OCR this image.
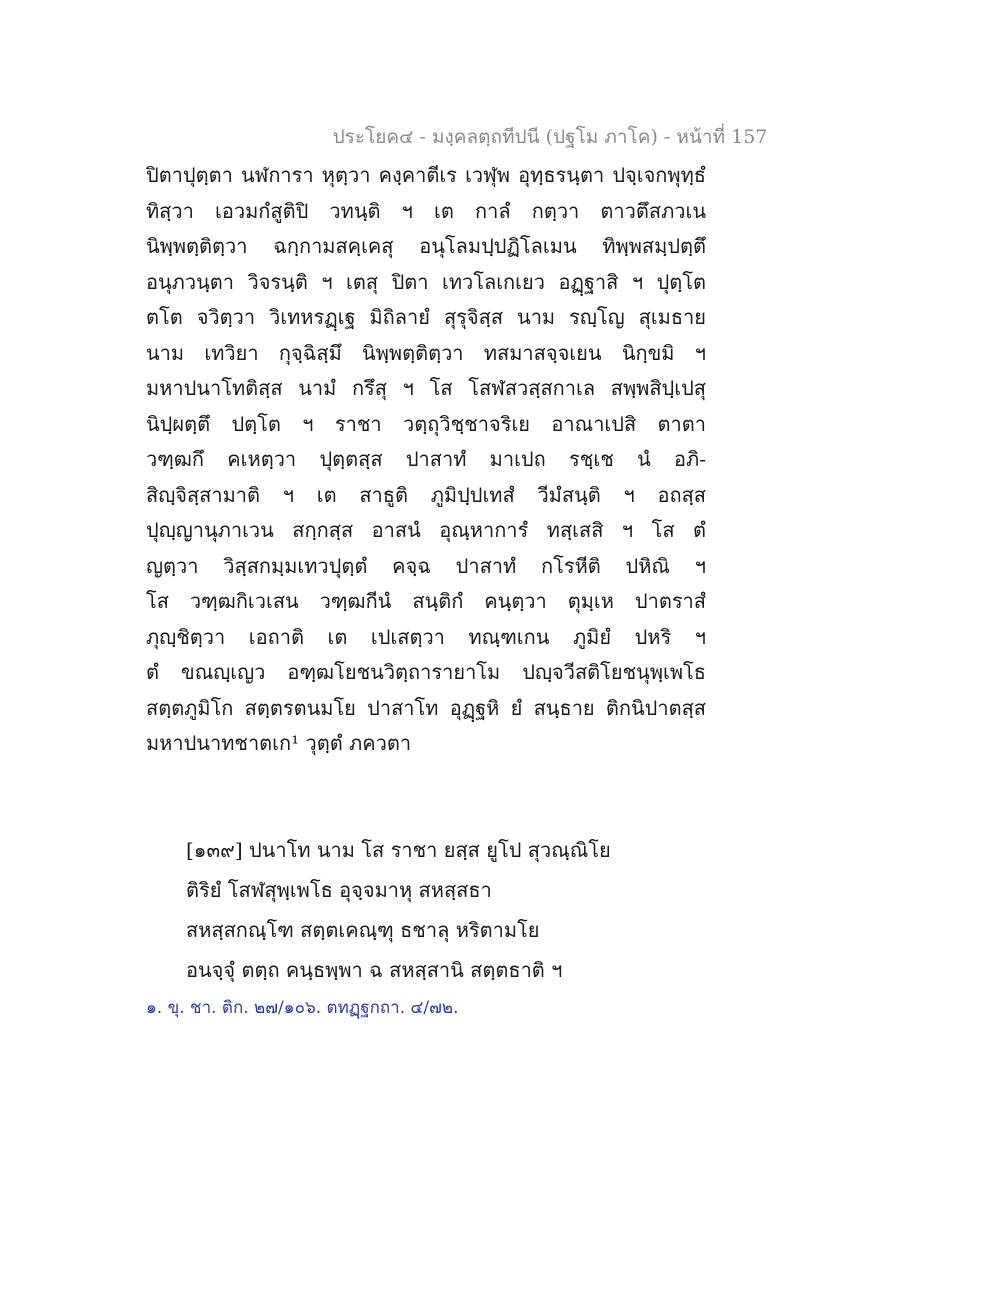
ประโยค๔ - มงฺคลตฺถทีปนี (ปฐโม ภาโค) - หน้าที่ 157
ปิตาปุตฺตา นฬการา หุตฺวา คงฺคาตีเร เวฬุพ อุทฺธรนฺตา ปจฺเจกพุทฺธํ
ทิสฺวา เอวมกํสูติปิ วทนฺติ ฯ เต กาลํ กตฺวา ตาวตึสภวเน
นิพฺพตฺติตฺวา ฉกฺกามสคฺเคสุ อนุโลมปฺปฏิโลเมน ทิพฺพสมฺปตฺตึ
อนุภวนฺตา วิจรนฺติ ฯ เตสุ ปิตา เทวโลเกเยว อฏฺฐาสิ ฯ ปุตฺโต
ตโต จวิตฺวา วิเทหรฏฺเฐ มิถิลายํ สุรุจิสฺส นาม รญฺโญ สุเมธาย
นาม เทวิยา กุจฺฉิสฺมึ นิพฺพตฺติตฺวา ทสมาสจฺจเยน นิกฺขมิ ฯ
มหาปนาโทติสฺส นามํ กรึสุ ฯ โส โสฬสวสฺสกาเล สพฺพสิปฺเปสุ
นิปฺผตฺตึ ปตฺโต ฯ ราชา วตฺถุวิชฺชาจริเย อาณาเปสิ ตาตา
วฑฺฒกึ คเหตฺวา ปุตฺตสฺส ปาสาทํ มาเปถ รชฺเช นํ อภิ-
สิญฺจิสฺสามาติ ฯ เต สาธูติ ภูมิปฺปเทสํ วีมํสนฺติ ฯ อถสฺส
ปุญฺญานุภาเวน สกฺกสฺส อาสนํ อุณฺหาการํ ทสฺเสสิ ฯ โส ตํ
ญตฺวา วิสฺสกมฺมเทวปุตฺตํ คจฺฉ ปาสาทํ กโรหีติ ปหิณิ ฯ
โส วฑฺฒกิเวเสน วฑฺฒกีนํ สนฺติกํ คนฺตฺวา ตุมฺเห ปาตราสํ
ภุญฺชิตฺวา เอถาติ เต เปเสตฺวา ทณฺฑเกน ภูมิยํ ปหริ ฯ
ตํ ขณญฺเญว อฑฺฒโยชนวิตฺถารายาโม ปญฺจวีสติโยชนุพฺเพโธ
สตฺตภูมิโก สตฺตรตนมโย ปาสาโท อุฏฺฐหิ ยํ สนฺธาย ติกนิปาตสฺส
มหาปนาทชาตเก¹ วุตฺตํ ภควตา
[๑๓๙] ปนาโท นาม โส ราชา ยสฺส ยูโป สุวณฺณิโย
ติริยํ โสฬสุพฺเพโธ อุจฺจมาหุ สหสฺสธา
สหสฺสกณฺโฑ สตฺตเคณฺฑุ ธชาลุ หริตามโย
อนจฺจุํ ตตฺถ คนฺธพฺพา ฉ สหสฺสานิ สตฺตธาติ ฯ
๑. ขุ. ชา. ติก. ๒๗/๑๐๖. ตทฏฺฐกถา. ๔/๗๒.
